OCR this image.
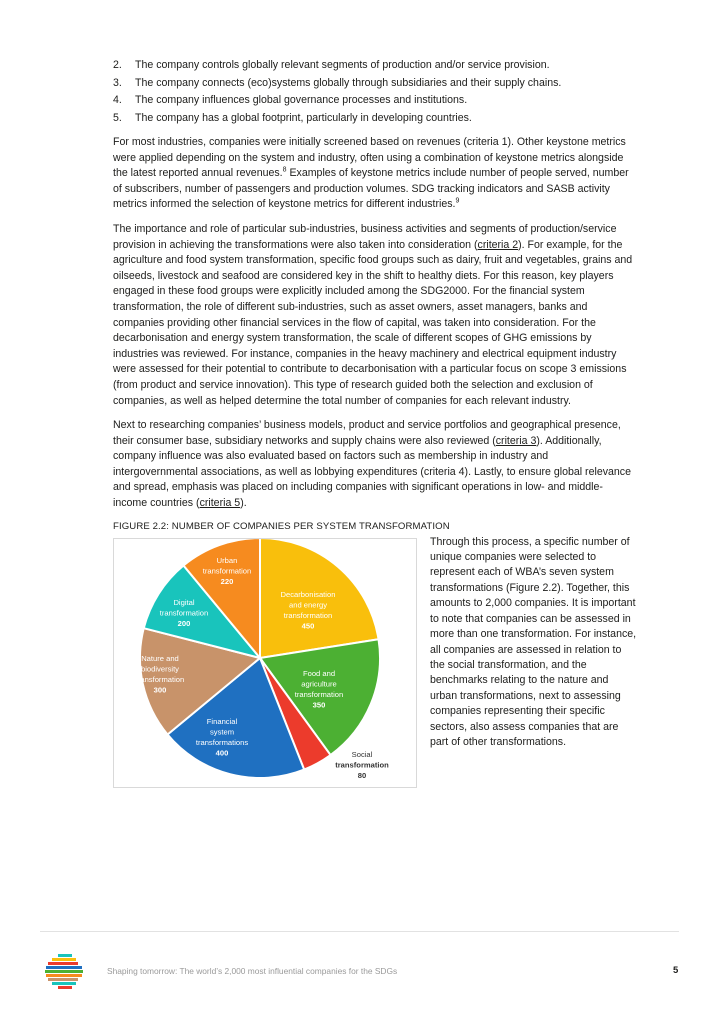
2.	The company controls globally relevant segments of production and/or service provision.
3.	The company connects (eco)systems globally through subsidiaries and their supply chains.
4.	The company influences global governance processes and institutions.
5.	The company has a global footprint, particularly in developing countries.

For most industries, companies were initially screened based on revenues (criteria 1). Other keystone metrics were applied depending on the system and industry, often using a combination of keystone metrics alongside the latest reported annual revenues.$^8$ Examples of keystone metrics include number of people served, number of subscribers, number of passengers and production volumes. SDG tracking indicators and SASB activity metrics informed the selection of keystone metrics for different industries.$^9$

The importance and role of particular sub-industries, business activities and segments of production/service provision in achieving the transformations were also taken into consideration (criteria 2). For example, for the agriculture and food system transformation, specific food groups such as dairy, fruit and vegetables, grains and oilseeds, livestock and seafood are considered key in the shift to healthy diets. For this reason, key players engaged in these food groups were explicitly included among the SDG2000. For the financial system transformation, the role of different sub-industries, such as asset owners, asset managers, banks and companies providing other financial services in the flow of capital, was taken into consideration. For the decarbonisation and energy system transformation, the scale of different scopes of GHG emissions by industries was reviewed. For instance, companies in the heavy machinery and electrical equipment industry were assessed for their potential to contribute to decarbonisation with a particular focus on scope 3 emissions (from product and service innovation). This type of research guided both the selection and exclusion of companies, as well as helped determine the total number of companies for each relevant industry.

Next to researching companies’ business models, product and service portfolios and geographical presence, their consumer base, subsidiary networks and supply chains were also reviewed (criteria 3). Additionally, company influence was also evaluated based on factors such as membership in industry and intergovernmental associations, as well as lobbying expenditures (criteria 4). Lastly, to ensure global relevance and spread, emphasis was placed on including companies with significant operations in low- and middle-income countries (criteria 5).

FIGURE 2.2: NUMBER OF COMPANIES PER SYSTEM TRANSFORMATION
Decarbonisation and energy transformation 450
Food and agriculture transformation 350
Social transformation 80
Financial system transformations 400
Nature and biodiversity transformation 300
Digital transformation 200
Urban transformation 220

Through this process, a specific number of unique companies were selected to represent each of WBA’s seven system transformations (Figure 2.2). Together, this amounts to 2,000 companies. It is important to note that companies can be assessed in more than one transformation. For instance, all companies are assessed in relation to the social transformation, and the benchmarks relating to the nature and urban transformations, next to assessing companies representing their specific sectors, also assess companies that are part of other transformations.

Shaping tomorrow: The world’s 2,000 most influential companies for the SDGs	5
